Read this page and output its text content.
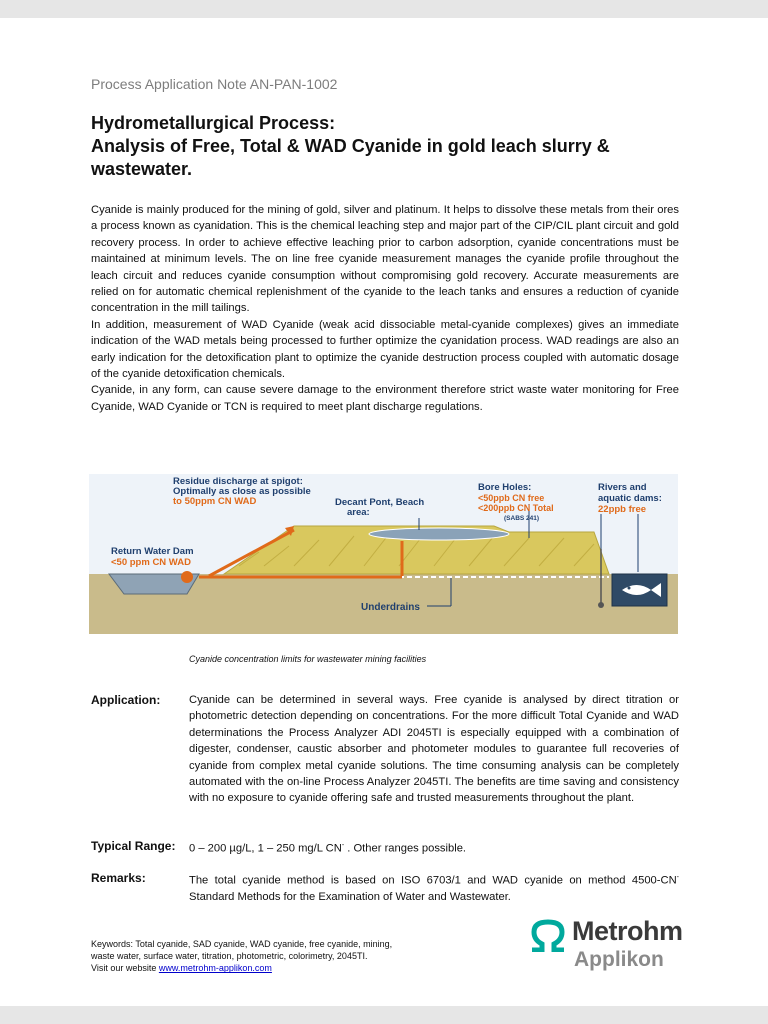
Process Application Note AN-PAN-1002
Hydrometallurgical Process:
Analysis of Free, Total & WAD Cyanide in gold leach slurry & wastewater.

Cyanide is mainly produced for the mining of gold, silver and platinum. It helps to dissolve these metals from their ores a process known as cyanidation. This is the chemical leaching step and major part of the CIP/CIL plant circuit and gold recovery process. In order to achieve effective leaching prior to carbon adsorption, cyanide concentrations must be maintained at minimum levels. The on line free cyanide measurement manages the cyanide profile throughout the leach circuit and reduces cyanide consumption without compromising gold recovery. Accurate measurements are relied on for automatic chemical replenishment of the cyanide to the leach tanks and ensures a reduction of cyanide concentration in the mill tailings.

In addition, measurement of WAD Cyanide (weak acid dissociable metal-cyanide complexes) gives an immediate indication of the WAD metals being processed to further optimize the cyanidation process. WAD readings are also an early indication for the detoxification plant to optimize the cyanide destruction process coupled with automatic dosage of the cyanide detoxification chemicals.

Cyanide, in any form, can cause severe damage to the environment therefore strict waste water monitoring for Free Cyanide, WAD Cyanide or TCN is required to meet plant discharge regulations.

Residue discharge at spigot:
Optimally as close as possible
to 50ppm CN WAD	Decant Pont, Beach
area:
Bore Holes:
<50ppb CN free
<200ppb CN Total
(SABS 241)
Rivers and
aquatic dams:
22ppb free
Return Water Dam
<50 ppm CN WAD
Underdrains
Cyanide concentration limits for wastewater mining facilities
Application:	Cyanide can be determined in several ways. Free cyanide is analysed by direct titration or photometric detection depending on concentrations. For the more difficult Total Cyanide and WAD determinations the Process Analyzer ADI 2045TI is especially equipped with a combination of digester, condenser, caustic absorber and photometer modules to guarantee full recoveries of cyanide from complex metal cyanide solutions. The time consuming analysis can be completely automated with the on-line Process Analyzer 2045TI. The benefits are time saving and consistency with no exposure to cyanide offering safe and trusted measurements throughout the plant.
Typical Range: 0 – 200 µg/L, 1 – 250 mg/L CN- . Other ranges possible.
Remarks:	The total cyanide method is based on ISO 6703/1 and WAD cyanide on method 4500-CN- Standard Methods for the Examination of Water and Wastewater.
Keywords: Total cyanide, SAD cyanide, WAD cyanide, free cyanide, mining,
waste water, surface water, titration, photometric, colorimetry, 2045TI.
Visit our website www.metrohm-applikon.com
Metrohm
Applikon
